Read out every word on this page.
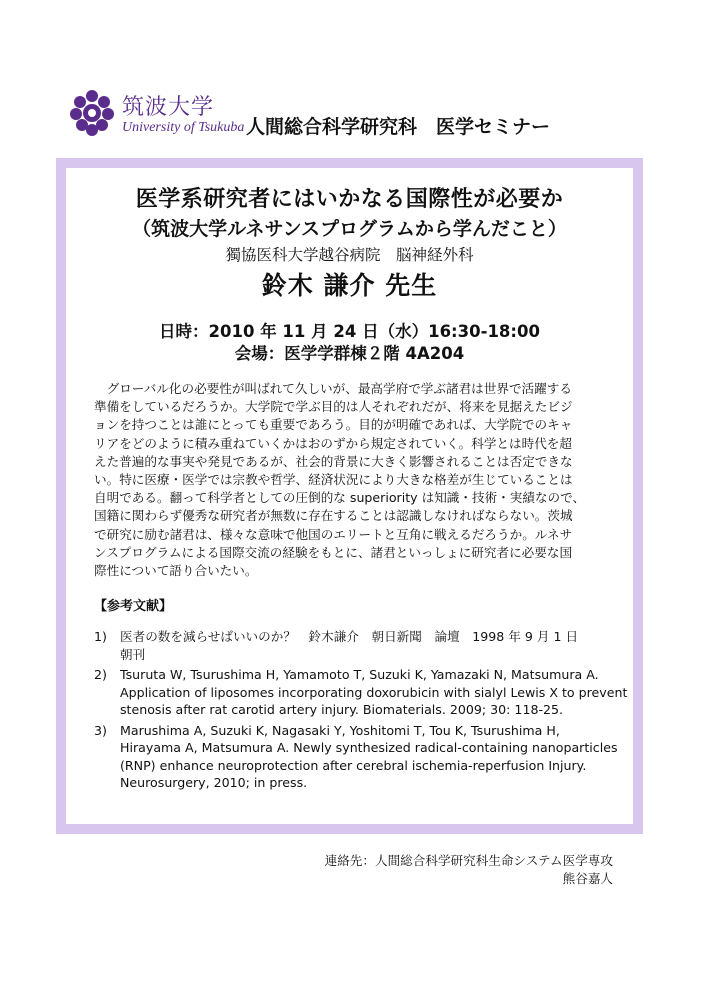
筑波大学
University of Tsukuba 人間総合科学研究科　医学セミナー
医学系研究者にはいかなる国際性が必要か
（筑波大学ルネサンスプログラムから学んだこと）
獨協医科大学越谷病院　脳神経外科
鈴木 謙介 先生
日時：2010 年 11 月 24 日（水）16:30-18:00
会場：医学学群棟２階 4A204
　グローバル化の必要性が叫ばれて久しいが、最高学府で学ぶ諸君は世界で活躍する
準備をしているだろうか。大学院で学ぶ目的は人それぞれだが、将来を見据えたビジ
ョンを持つことは誰にとっても重要であろう。目的が明確であれば、大学院でのキャ
リアをどのように積み重ねていくかはおのずから規定されていく。科学とは時代を超
えた普遍的な事実や発見であるが、社会的背景に大きく影響されることは否定できな
い。特に医療・医学では宗教や哲学、経済状況により大きな格差が生じていることは
自明である。翻って科学者としての圧倒的な superiority は知識・技術・実績なので、
国籍に関わらず優秀な研究者が無数に存在することは認識しなければならない。茨城
で研究に励む諸君は、様々な意味で他国のエリートと互角に戦えるだろうか。ルネサ
ンスプログラムによる国際交流の経験をもとに、諸君といっしょに研究者に必要な国
際性について語り合いたい。
【参考文献】
1) 医者の数を減らせばいいのか？　鈴木謙介　朝日新聞　論壇　1998 年 9 月 1 日
朝刊
2) Tsuruta W, Tsurushima H, Yamamoto T, Suzuki K, Yamazaki N, Matsumura A.
Application of liposomes incorporating doxorubicin with sialyl Lewis X to prevent
stenosis after rat carotid artery injury. Biomaterials. 2009; 30: 118-25.
3) Marushima A, Suzuki K, Nagasaki Y, Yoshitomi T, Tou K, Tsurushima H,
Hirayama A, Matsumura A. Newly synthesized radical-containing nanoparticles
(RNP) enhance neuroprotection after cerebral ischemia-reperfusion Injury.
Neurosurgery, 2010; in press.
連絡先：人間総合科学研究科生命システム医学専攻
熊谷嘉人
